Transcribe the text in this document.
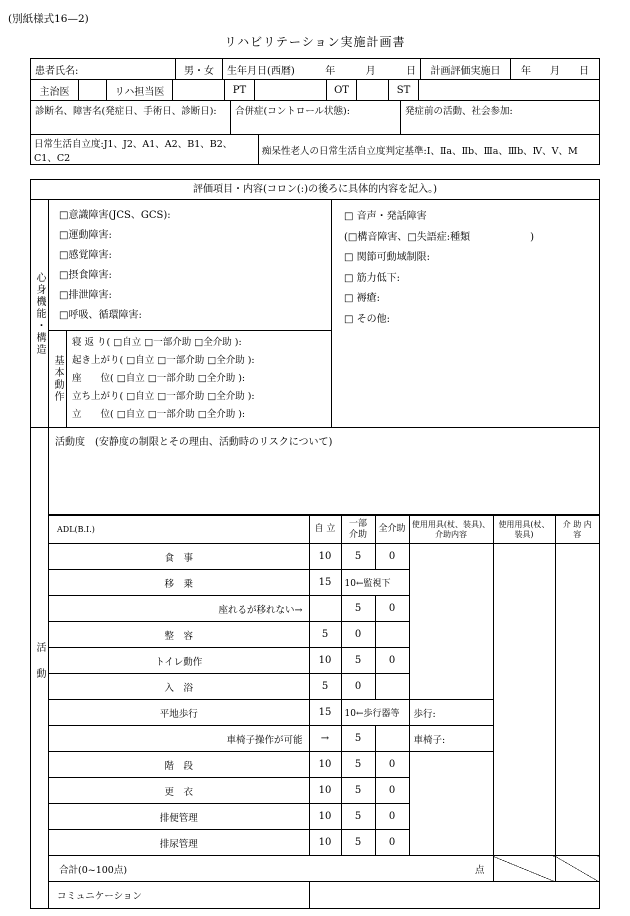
(別紙様式16—2)
リハビリテーション実施計画書
患者氏名:	男・女 生年月日(西暦)	年	月	日 計画評価実施日 年 月 日
主治医	リハ担当医	PT	OT	ST
診断名、障害名(発症日、手術日、診断日): 合併症(コントロール状態):	発症前の活動、社会参加:
日常生活自立度:J1、J2、A1、A2、B1、B2、C1、C2
痴呆性老人の日常生活自立度判定基準:Ⅰ、Ⅱa、Ⅱb、Ⅲa、Ⅲb、Ⅳ、Ⅴ、M
評価項目・内容(コロン(:)の後ろに具体的内容を記入。)
心身機能・構造
□意識障害(JCS、GCS):
□運動障害:
□感覚障害:
□摂食障害:
□排泄障害:
□呼吸、循環障害:
基本動作
寝 返 り( □自立 □一部介助 □全介助 ):
起き上がり( □自立 □一部介助 □全介助 ):
座　　位( □自立 □一部介助 □全介助 ):
立ち上がり( □自立 □一部介助 □全介助 ):
立　　位( □自立 □一部介助 □全介助 ):
□ 音声・発話障害
(□構音障害、□失語症:種類　　　　　　)
□ 関節可動域制限:
□ 筋力低下:
□ 褥瘡:
□ その他:
活動
活動度　(安静度の制限とその理由、活動時のリスクについて)
ADL(B.I.)	自 立	一部介助	全介助	使用用具(杖、装具)、介助内容	使用用具(杖、装具)	介 助 内 容
食　事	10	5	0			
移　乗	15	10←監視下				
座れるが移れない→		5	0			
整　容	5	0				
トイレ動作	10	5	0			
入　浴	5	0				
平地歩行	15	10←歩行器等		歩行:		
車椅子操作が可能	→	5		車椅子:		
階　段	10	5	0			
更　衣	10	5	0			
排便管理	10	5	0			
排尿管理	10	5	0			

合計(0~100点) 点						

コミュニケーション						
